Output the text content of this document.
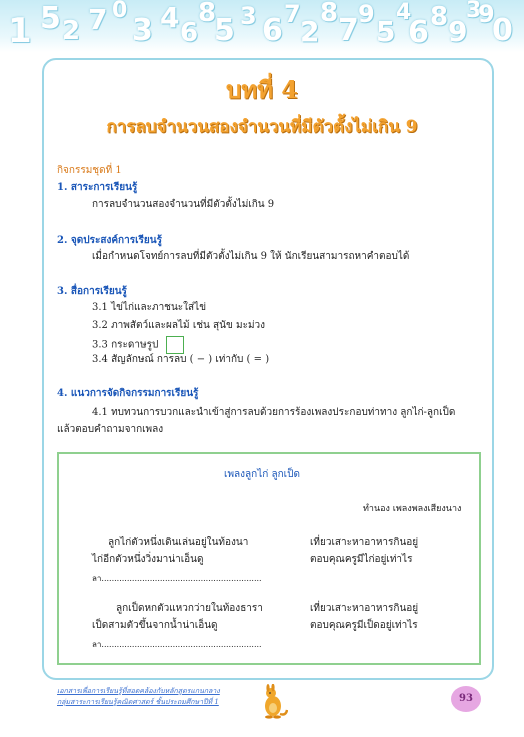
1 5 2 7 0
3 4 6
8
5 3 6 7
2
8 7 9
5
4
6 8 9
3
9
0
บทที่ 4
การลบจำนวนสองจำนวนที่มีตัวตั้งไม่เกิน 9
กิจกรรมชุดที่ 1
1. สาระการเรียนรู้
การลบจำนวนสองจำนวนที่มีตัวตั้งไม่เกิน 9
2. จุดประสงค์การเรียนรู้
เมื่อกำหนดโจทย์การลบที่มีตัวตั้งไม่เกิน 9 ให้ นักเรียนสามารถหาคำตอบได้
3. สื่อการเรียนรู้
3.1 ไข่ไก่และภาชนะใส่ไข่
3.2 ภาพสัตว์และผลไม้ เช่น สุนัข มะม่วง
3.3 กระดาษรูป
3.4 สัญลักษณ์ การลบ ( − ) เท่ากับ ( = )
4. แนวการจัดกิจกรรมการเรียนรู้
4.1 ทบทวนการบวกและนำเข้าสู่การลบด้วยการร้องเพลงประกอบท่าทาง ลูกไก่-ลูกเป็ด
แล้วตอบคำถามจากเพลง
เพลงลูกไก่ ลูกเป็ด
ทำนอง เพลงพลงเสียงนาง
ลูกไก่ตัวหนึ่งเดินเล่นอยู่ในท้องนา
ไก่อีกตัวหนึ่งวิ่งมาน่าเอ็นดู
ลา...............................................................
เที่ยวเสาะหาอาหารกินอยู่
ตอบคุณครูมีไก่อยู่เท่าไร
ลูกเป็ดหกตัวแหวกว่ายในท้องธารา
เป็ดสามตัวขึ้นจากน้ำน่าเอ็นดู
ลา...............................................................
เที่ยวเสาะหาอาหารกินอยู่
ตอบคุณครูมีเป็ดอยู่เท่าไร
เอกสารเพื่อการเรียนรู้ที่สอดคล้องกับหลักสูตรแกนกลาง
กลุ่มสาระการเรียนรู้คณิตศาสตร์ ชั้นประถมศึกษาปีที่ 1	93
